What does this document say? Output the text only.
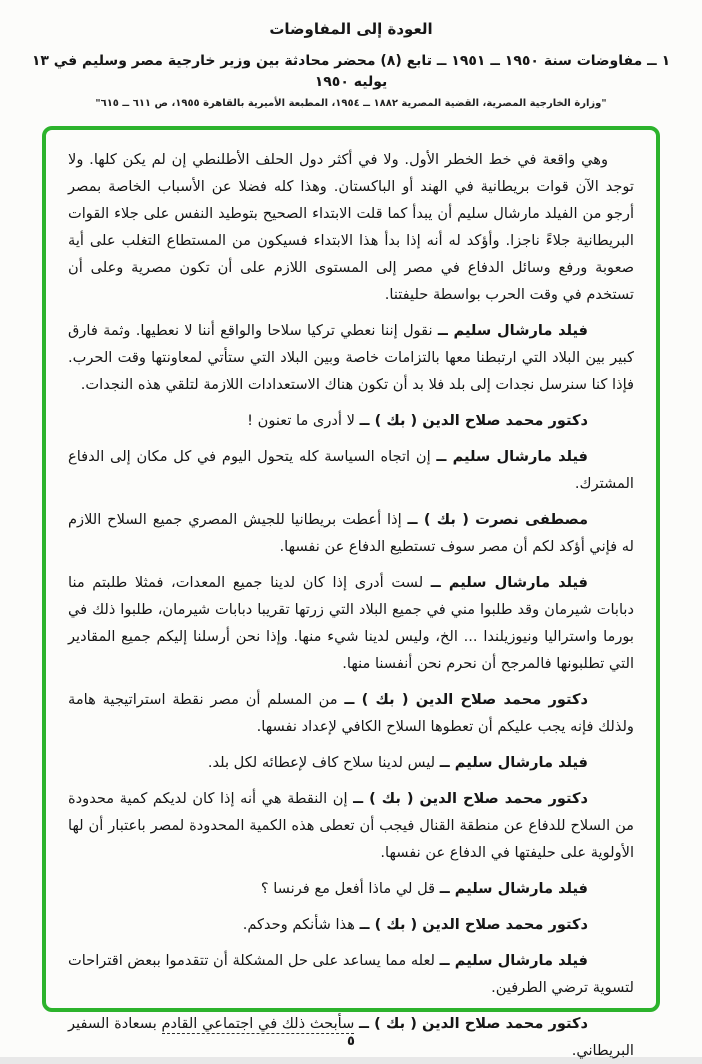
العودة إلى المفاوضات
١ ــ مفاوضات سنة ١٩٥٠ ــ ١٩٥١ ــ تابع (٨) محضر محادثة بين وزير خارجية مصر وسليم في ١٣ يوليه ١٩٥٠
"وزارة الخارجية المصرية، القضية المصرية ١٨٨٢ ــ ١٩٥٤، المطبعة الأميرية بالقاهرة ١٩٥٥، ص ٦١١ ــ ٦١٥"

وهي واقعة في خط الخطر الأول. ولا في أكثر دول الحلف الأطلنطي إن لم يكن كلها. ولا توجد الآن قوات بريطانية في الهند أو الباكستان. وهذا كله فضلا عن الأسباب الخاصة بمصر أرجو من الفيلد مارشال سليم أن يبدأ كما قلت الابتداء الصحيح بتوطيد النفس على جلاء القوات البريطانية جلاءً ناجزا. وأؤكد له أنه إذا بدأ هذا الابتداء فسيكون من المستطاع التغلب على أية صعوبة ورفع وسائل الدفاع في مصر إلى المستوى اللازم على أن تكون مصرية وعلى أن تستخدم في وقت الحرب بواسطة حليفتنا.

فيلد مارشال سليم ــ نقول إننا نعطي تركيا سلاحا والواقع أننا لا نعطيها. وثمة فارق كبير بين البلاد التي ارتبطنا معها بالتزامات خاصة وبين البلاد التي ستأتي لمعاونتها وقت الحرب. فإذا كنا سنرسل نجدات إلى بلد فلا بد أن تكون هناك الاستعدادات اللازمة لتلقي هذه النجدات.

دكتور محمد صلاح الدين ( بك ) ــ لا أدرى ما تعنون !

فيلد مارشال سليم ــ إن اتجاه السياسة كله يتحول اليوم في كل مكان إلى الدفاع المشترك.

مصطفى نصرت ( بك ) ــ إذا أعطت بريطانيا للجيش المصري جميع السلاح اللازم له فإني أؤكد لكم أن مصر سوف تستطيع الدفاع عن نفسها.

فيلد مارشال سليم ــ لست أدرى إذا كان لدينا جميع المعدات، فمثلا طلبتم منا دبابات شيرمان وقد طلبوا مني في جميع البلاد التي زرتها تقريبا دبابات شيرمان، طلبوا ذلك في بورما واستراليا ونيوزيلندا ... الخ، وليس لدينا شيء منها. وإذا نحن أرسلنا إليكم جميع المقادير التي تطلبونها فالمرجح أن نحرم نحن أنفسنا منها.

دكتور محمد صلاح الدين ( بك ) ــ من المسلم أن مصر نقطة استراتيجية هامة ولذلك فإنه يجب عليكم أن تعطوها السلاح الكافي لإعداد نفسها.

فيلد مارشال سليم ــ ليس لدينا سلاح كاف لإعطائه لكل بلد.

دكتور محمد صلاح الدين ( بك ) ــ إن النقطة هي أنه إذا كان لديكم كمية محدودة من السلاح للدفاع عن منطقة القنال فيجب أن تعطى هذه الكمية المحدودة لمصر باعتبار أن لها الأولوية على حليفتها في الدفاع عن نفسها.

فيلد مارشال سليم ــ قل لي ماذا أفعل مع فرنسا ؟

دكتور محمد صلاح الدين ( بك ) ــ هذا شأنكم وحدكم.

فيلد مارشال سليم ــ لعله مما يساعد على حل المشكلة أن تتقدموا ببعض اقتراحات لتسوية ترضي الطرفين.

دكتور محمد صلاح الدين ( بك ) ــ سأبحث ذلك في اجتماعي القادم بسعادة السفير البريطاني.

٥
